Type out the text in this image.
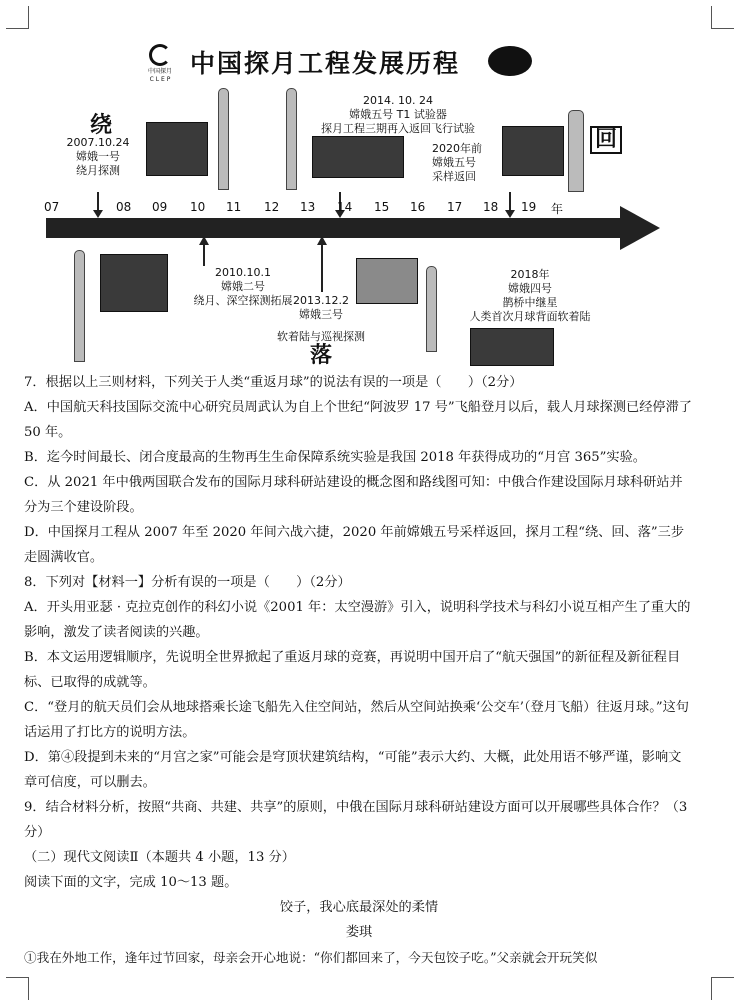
中国探月
C L E P
中国探月工程发展历程
绕
落
回
2007.10.24
嫦娥一号
绕月探测
2014. 10. 24
嫦娥五号 T1 试验器
探月工程三期再入返回飞行试验
2020年前
嫦娥五号
采样返回
07	08 09 10 11 12 13 14 15 16 17 18 19 年
2010.10.1
嫦娥二号
绕月、深空探测拓展 2013.12.2
嫦娥三号
软着陆与巡视探测
2018年
嫦娥四号
鹊桥中继星
人类首次月球背面软着陆
7．根据以上三则材料，下列关于人类“重返月球”的说法有误的一项是（　　）（2分）
A．中国航天科技国际交流中心研究员周武认为自上个世纪“阿波罗 17 号”飞船登月以后，载人月球探测已经停滞了 50 年。
B．迄今时间最长、闭合度最高的生物再生生命保障系统实验是我国 2018 年获得成功的“月宫 365”实验。
C．从 2021 年中俄两国联合发布的国际月球科研站建设的概念图和路线图可知：中俄合作建设国际月球科研站并分为三个建设阶段。
D．中国探月工程从 2007 年至 2020 年间六战六捷，2020 年前嫦娥五号采样返回，探月工程“绕、回、落”三步走圆满收官。
8．下列对【材料一】分析有误的一项是（　　）（2分）
A．开头用亚瑟 · 克拉克创作的科幻小说《2001 年：太空漫游》引入，说明科学技术与科幻小说互相产生了重大的影响，激发了读者阅读的兴趣。
B．本文运用逻辑顺序，先说明全世界掀起了重返月球的竞赛，再说明中国开启了“航天强国”的新征程及新征程目标、已取得的成就等。
C．“登月的航天员们会从地球搭乘长途飞船先入住空间站，然后从空间站换乘‘公交车’（登月飞船）往返月球。”这句话运用了打比方的说明方法。
D．第④段提到未来的“月宫之家”可能会是穹顶状建筑结构，“可能”表示大约、大概，此处用语不够严谨，影响文章可信度，可以删去。
9．结合材料分析，按照“共商、共建、共享”的原则，中俄在国际月球科研站建设方面可以开展哪些具体合作？（3分）
（二）现代文阅读Ⅱ（本题共 4 小题，13 分）
阅读下面的文字，完成 10～13 题。
饺子，我心底最深处的柔情
娄琪
①我在外地工作，逢年过节回家，母亲会开心地说：“你们都回来了，今天包饺子吃。”父亲就会开玩笑似
